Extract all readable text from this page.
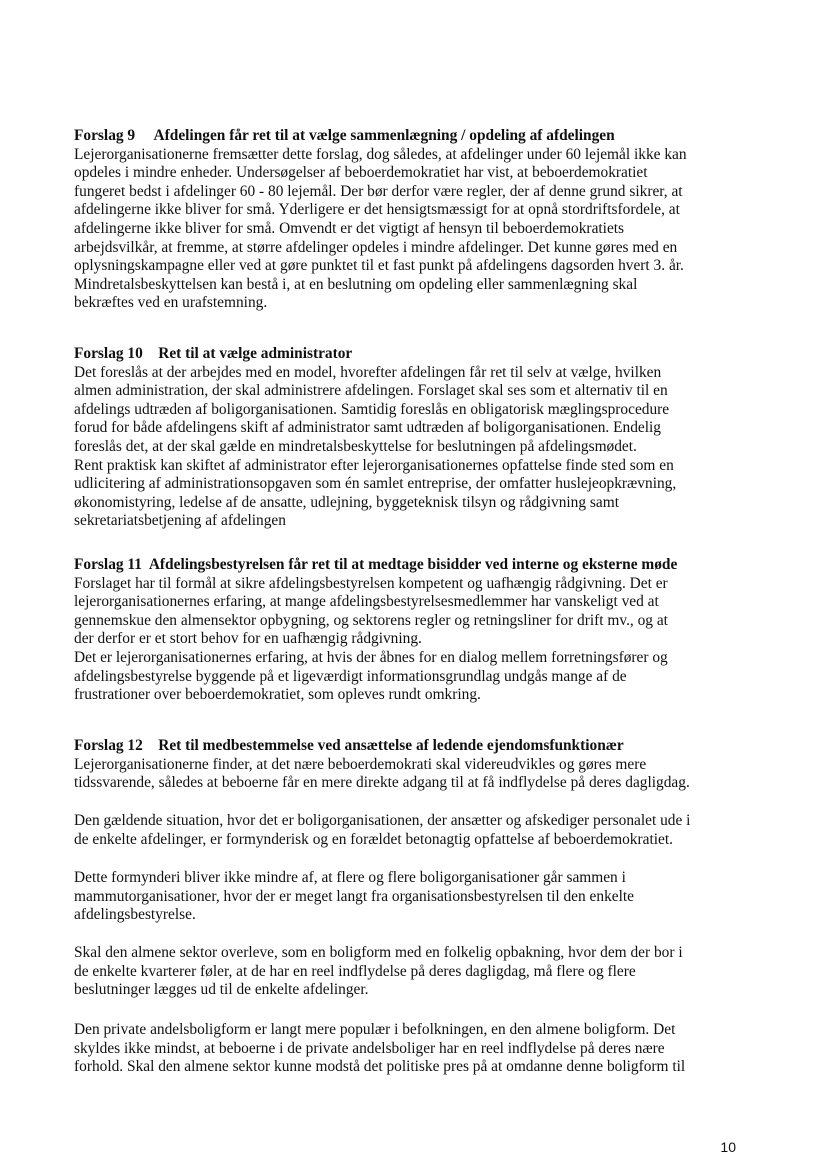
Forslag 9     Afdelingen får ret til at vælge sammenlægning / opdeling af afdelingen
Lejerorganisationerne fremsætter dette forslag, dog således, at afdelinger under 60 lejemål ikke kan
opdeles i mindre enheder. Undersøgelser af beboerdemokratiet har vist, at beboerdemokratiet
fungeret bedst i afdelinger 60 - 80 lejemål. Der bør derfor være regler, der af denne grund sikrer, at
afdelingerne ikke bliver for små. Yderligere er det hensigtsmæssigt for at opnå stordriftsfordele, at
afdelingerne ikke bliver for små. Omvendt er det vigtigt af hensyn til beboerdemokratiets
arbejdsvilkår, at fremme, at større afdelinger opdeles i mindre afdelinger. Det kunne gøres med en
oplysningskampagne eller ved at gøre punktet til et fast punkt på afdelingens dagsorden hvert 3. år.
Mindretalsbeskyttelsen kan bestå i, at en beslutning om opdeling eller sammenlægning skal
bekræftes ved en urafstemning.
Forslag 10    Ret til at vælge administrator
Det foreslås at der arbejdes med en model, hvorefter afdelingen får ret til selv at vælge, hvilken
almen administration, der skal administrere afdelingen. Forslaget skal ses som et alternativ til en
afdelings udtræden af boligorganisationen. Samtidig foreslås en obligatorisk mæglingsprocedure
forud for både afdelingens skift af administrator samt udtræden af boligorganisationen. Endelig
foreslås det, at der skal gælde en mindretalsbeskyttelse for beslutningen på afdelingsmødet.
Rent praktisk kan skiftet af administrator efter lejerorganisationernes opfattelse finde sted som en
udlicitering af administrationsopgaven som én samlet entreprise, der omfatter huslejeopkrævning,
økonomistyring, ledelse af de ansatte, udlejning, byggeteknisk tilsyn og rådgivning samt
sekretariatsbetjening af afdelingen
Forslag 11  Afdelingsbestyrelsen får ret til at medtage bisidder ved interne og eksterne møde
Forslaget har til formål at sikre afdelingsbestyrelsen kompetent og uafhængig rådgivning. Det er
lejerorganisationernes erfaring, at mange afdelingsbestyrelsesmedlemmer har vanskeligt ved at
gennemskue den almensektor opbygning, og sektorens regler og retningsliner for drift mv., og at
der derfor er et stort behov for en uafhængig rådgivning.
Det er lejerorganisationernes erfaring, at hvis der åbnes for en dialog mellem forretningsfører og
afdelingsbestyrelse byggende på et ligeværdigt informationsgrundlag undgås mange af de
frustrationer over beboerdemokratiet, som opleves rundt omkring.
Forslag 12    Ret til medbestemmelse ved ansættelse af ledende ejendomsfunktionær
Lejerorganisationerne finder, at det nære beboerdemokrati skal videreudvikles og gøres mere
tidssvarende, således at beboerne får en mere direkte adgang til at få indflydelse på deres dagligdag.
Den gældende situation, hvor det er boligorganisationen, der ansætter og afskediger personalet ude i
de enkelte afdelinger, er formynderisk og en forældet betonagtig opfattelse af beboerdemokratiet.
Dette formynderi bliver ikke mindre af, at flere og flere boligorganisationer går sammen i
mammutorganisationer, hvor der er meget langt fra organisationsbestyrelsen til den enkelte
afdelingsbestyrelse.
Skal den almene sektor overleve, som en boligform med en folkelig opbakning, hvor dem der bor i
de enkelte kvarterer føler, at de har en reel indflydelse på deres dagligdag, må flere og flere
beslutninger lægges ud til de enkelte afdelinger.
Den private andelsboligform er langt mere populær i befolkningen, en den almene boligform. Det
skyldes ikke mindst, at beboerne i de private andelsboliger har en reel indflydelse på deres nære
forhold. Skal den almene sektor kunne modstå det politiske pres på at omdanne denne boligform til
10
